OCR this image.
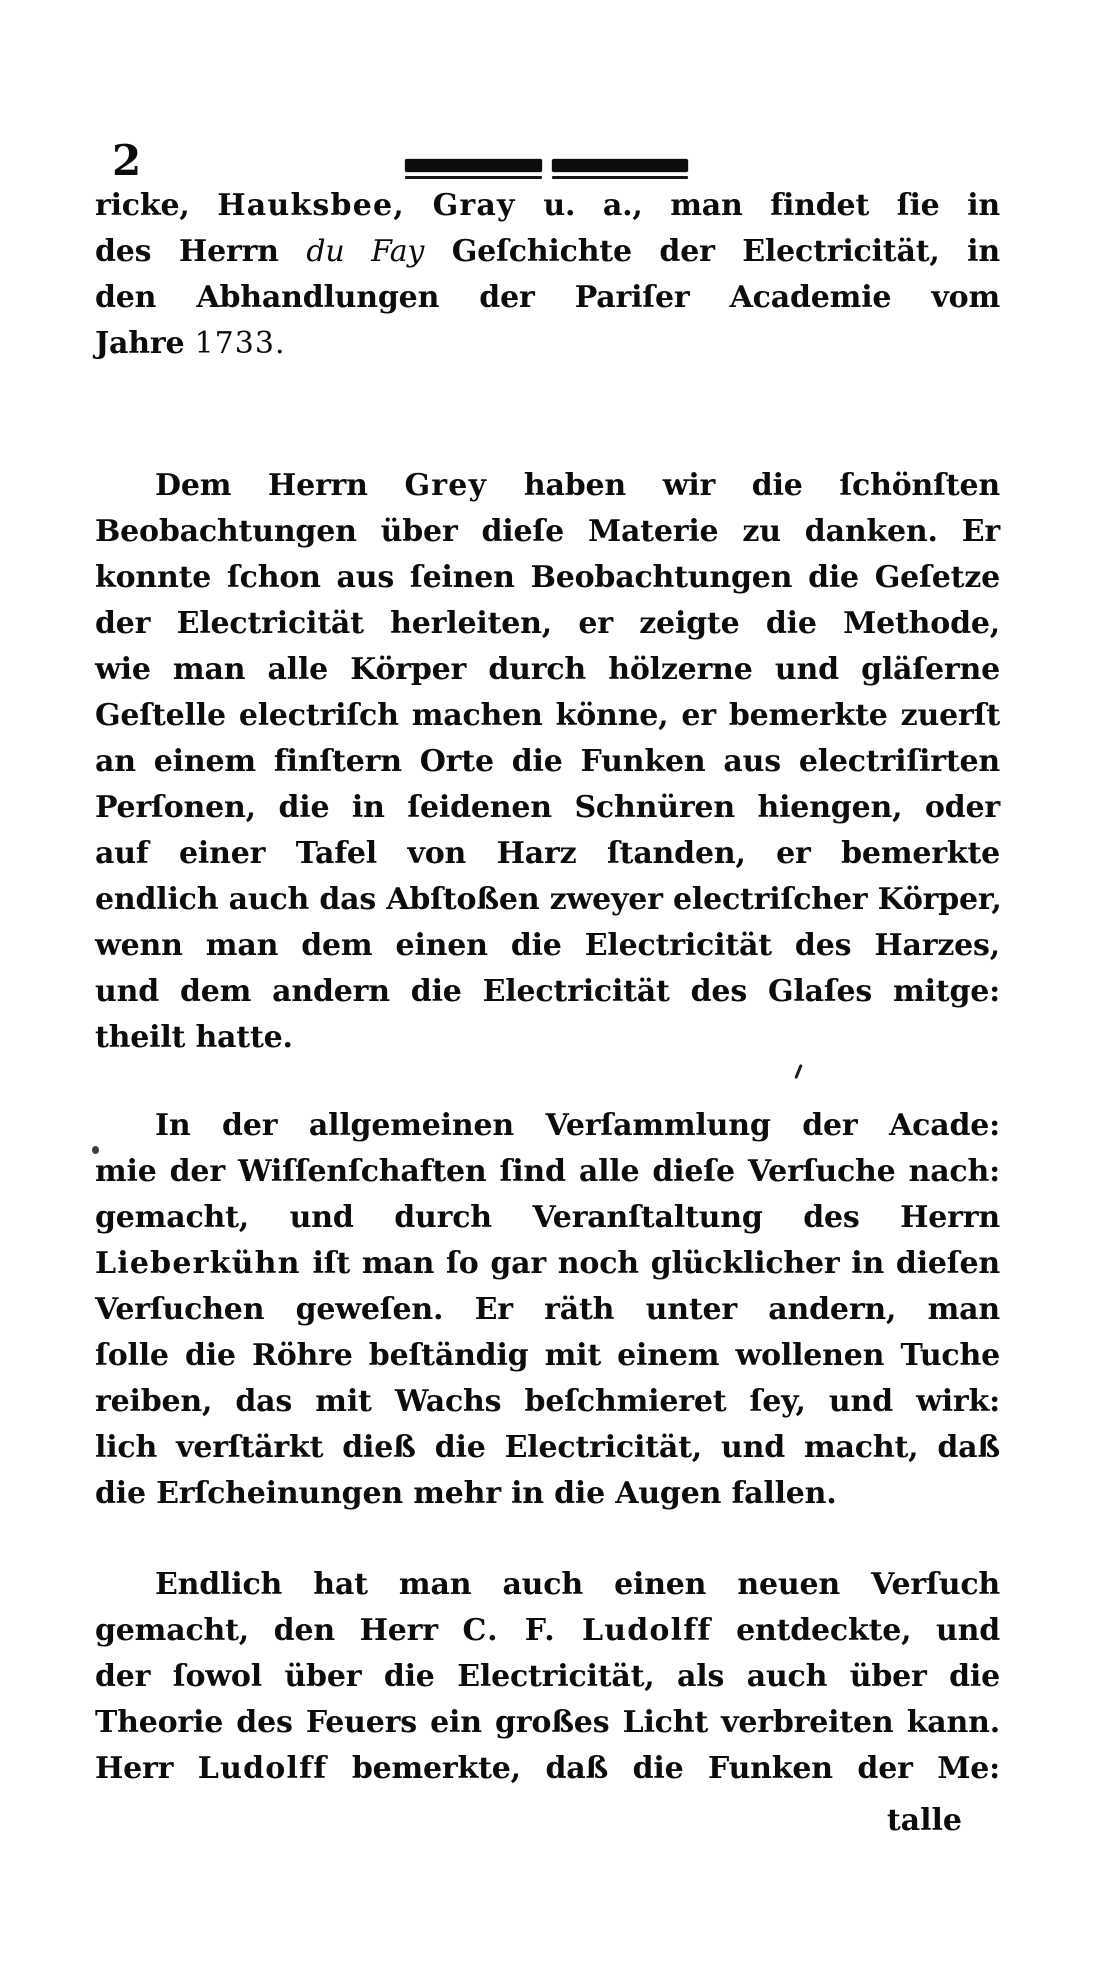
2
ricke, Hauksbee, Gray u. a., man findet ſie in
des Herrn du Fay Geſchichte der Electricität, in
den Abhandlungen der Pariſer Academie vom
Jahre 1733.
Dem Herrn Grey haben wir die ſchönſten
Beobachtungen über dieſe Materie zu danken. Er
konnte ſchon aus ſeinen Beobachtungen die Geſetze
der Electricität herleiten, er zeigte die Methode,
wie man alle Körper durch hölzerne und gläſerne
Geſtelle electriſch machen könne, er bemerkte zuerſt
an einem finſtern Orte die Funken aus electriſirten
Perſonen, die in ſeidenen Schnüren hiengen, oder
auf einer Tafel von Harz ſtanden, er bemerkte
endlich auch das Abſtoßen zweyer electriſcher Körper,
wenn man dem einen die Electricität des Harzes,
und dem andern die Electricität des Glaſes mitge:
theilt hatte.
In der allgemeinen Verſammlung der Acade:
mie der Wiſſenſchaften ſind alle dieſe Verſuche nach:
gemacht, und durch Veranſtaltung des Herrn
Lieberkühn iſt man ſo gar noch glücklicher in dieſen
Verſuchen geweſen. Er räth unter andern, man
ſolle die Röhre beſtändig mit einem wollenen Tuche
reiben, das mit Wachs beſchmieret ſey, und wirk:
lich verſtärkt dieß die Electricität, und macht, daß
die Erſcheinungen mehr in die Augen fallen.
Endlich hat man auch einen neuen Verſuch
gemacht, den Herr C. F. Ludolff entdeckte, und
der ſowol über die Electricität, als auch über die
Theorie des Feuers ein großes Licht verbreiten kann.
Herr Ludolff bemerkte, daß die Funken der Me:
talle
